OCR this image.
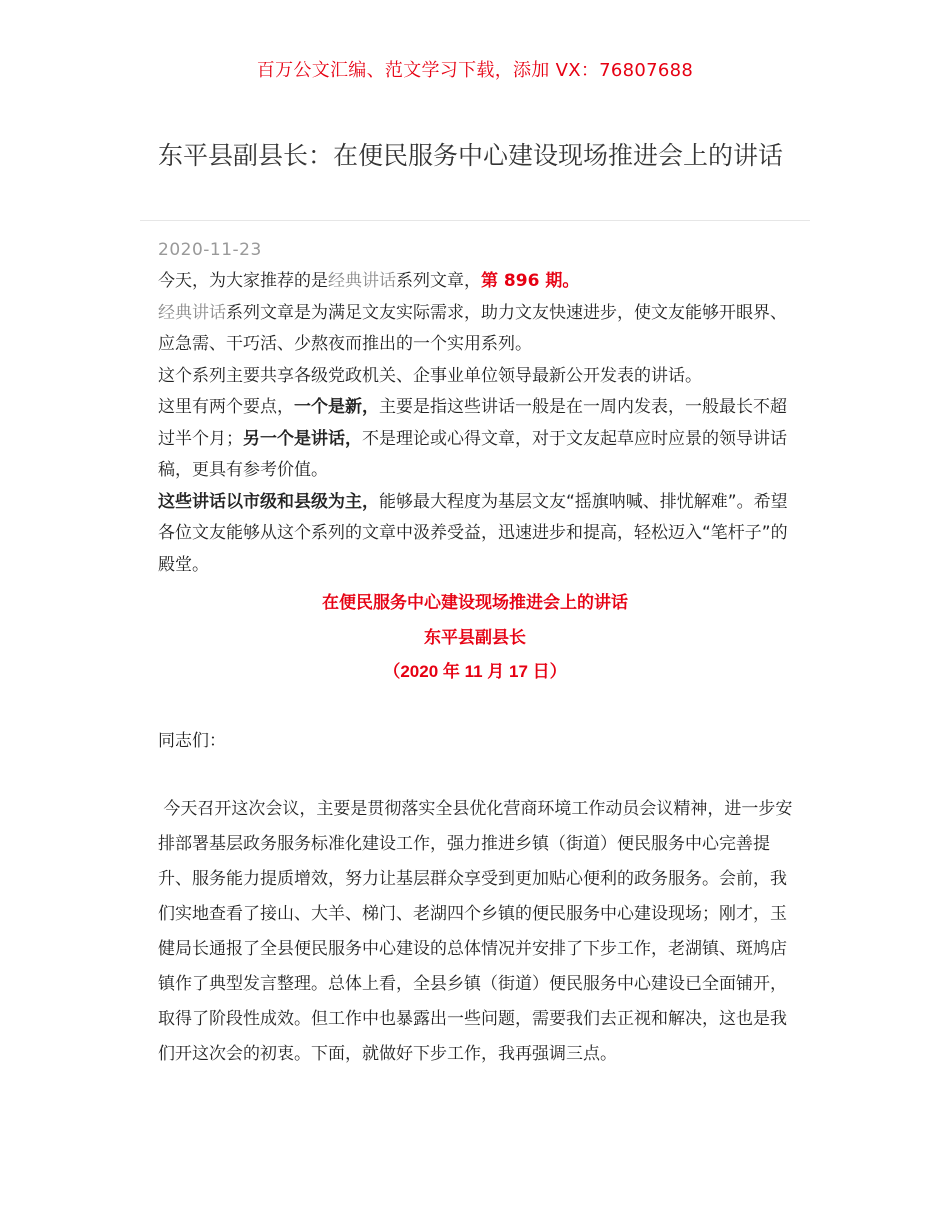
百万公文汇编、范文学习下载，添加 VX：76807688
东平县副县长：在便民服务中心建设现场推进会上的讲话
2020-11-23

今天，为大家推荐的是经典讲话系列文章，第 896 期。

经典讲话系列文章是为满足文友实际需求，助力文友快速进步，使文友能够开眼界、应急需、干巧活、少熬夜而推出的一个实用系列。

这个系列主要共享各级党政机关、企事业单位领导最新公开发表的讲话。

这里有两个要点，一个是新，主要是指这些讲话一般是在一周内发表，一般最长不超过半个月；另一个是讲话，不是理论或心得文章，对于文友起草应时应景的领导讲话稿，更具有参考价值。

这些讲话以市级和县级为主，能够最大程度为基层文友“摇旗呐喊、排忧解难”。希望各位文友能够从这个系列的文章中汲养受益，迅速进步和提高，轻松迈入“笔杆子”的殿堂。

在便民服务中心建设现场推进会上的讲话
东平县副县长
（2020 年 11 月 17 日）
同志们：

今天召开这次会议，主要是贯彻落实全县优化营商环境工作动员会议精神，进一步安排部署基层政务服务标准化建设工作，强力推进乡镇（街道）便民服务中心完善提升、服务能力提质增效，努力让基层群众享受到更加贴心便利的政务服务。会前，我们实地查看了接山、大羊、梯门、老湖四个乡镇的便民服务中心建设现场；刚才，玉健局长通报了全县便民服务中心建设的总体情况并安排了下步工作，老湖镇、斑鸠店镇作了典型发言整理。总体上看，全县乡镇（街道）便民服务中心建设已全面铺开，取得了阶段性成效。但工作中也暴露出一些问题，需要我们去正视和解决，这也是我们开这次会的初衷。下面，就做好下步工作，我再强调三点。
